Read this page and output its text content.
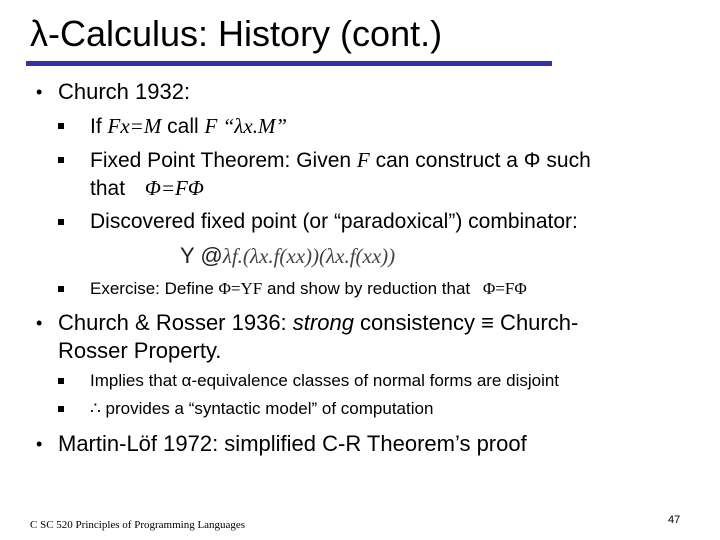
λ-Calculus: History (cont.)
• Church 1932:
If Fx=M call F “λx.M”
Fixed Point Theorem: Given F can construct a Φ such
that Φ=FΦ
Discovered fixed point (or “paradoxical”) combinator:
Y @λf.(λx.f(xx))(λx.f(xx))
Exercise: Define Φ=YF and show by reduction that Φ=FΦ
• Church & Rosser 1936: strong consistency ≡ Church-
Rosser Property.
Implies that α-equivalence classes of normal forms are disjoint
∴ provides a “syntactic model” of computation
• Martin-Löf 1972: simplified C-R Theorem’s proof
C SC 520 Principles of Programming Languages	47
